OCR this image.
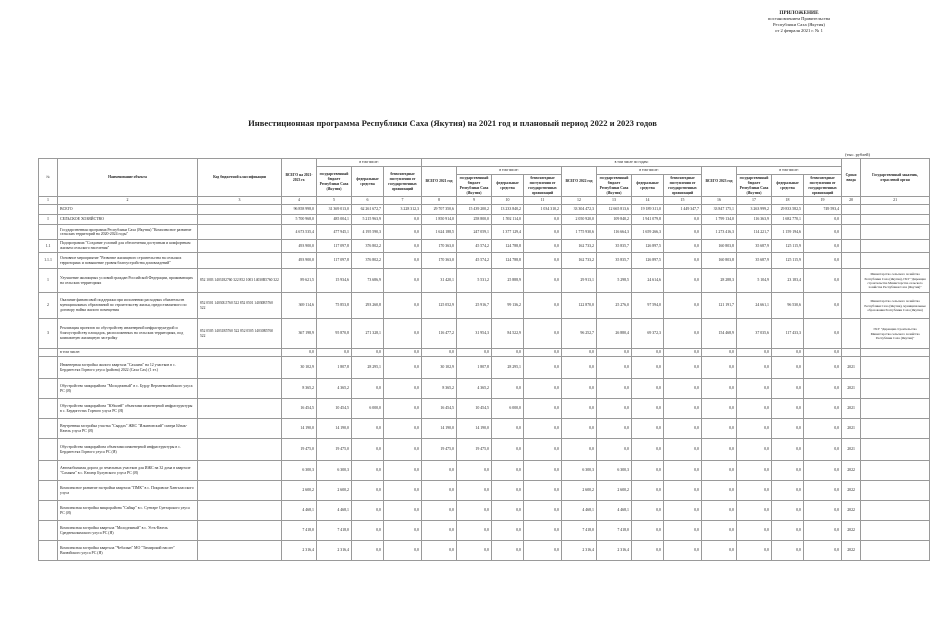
ПРИЛОЖЕНИЕ
постановлением Правительства
Республики Саха (Якутия)
от 2 февраля 2021 г. № 1
Инвестиционная программа Республики Саха (Якутия) на 2021 год и плановый период 2022 и 2023 годов
(тыс. рублей)
№	Наименование объекта	Код бюджетной классификации	ВСЕГО на 2021-2023 гг.	в том числе:			в том числе по годам:												Сроки ввода	Государственный заказчик, отраслевой орган
				государственный бюджет Республики Саха (Якутия)	федеральные средства	безвозмездные поступления от государственных организаций	ВСЕГО 2021 год	в том числе:			ВСЕГО 2022 год	в том числе:			ВСЕГО 2023 год	в том числе:				
								государственный бюджет Республики Саха (Якутия)	федеральные средства	безвозмездные поступления от государственных организаций		государственный бюджет Республики Саха (Якутия)	федеральные средства	безвозмездные поступления от государственных организаций		государственный бюджет Республики Саха (Якутия)	федеральные средства	безвозмездные поступления от государственных организаций		
1	2	3	4	5	6	7	8	9	10	11	12	13	14	15	16	17	18	19	20	21
	ВСЕГО		96 858 998,0	31 369 013,0	62 261 672,7	3 228 312,3	29 707 350,6	15 439 200,2	13 233 840,2	1 034 310,2	33 304 472,3	12 665 813,6	19 189 311,0	1 449 347,7	33 847 175,1	3 263 999,2	29 833 582,5	749 593,4		
I	СЕЛЬСКОЕ ХОЗЯЙСТВО		5 700 968,0	485 004,1	5 215 963,9	0,0	1 850 914,0	258 800,0	1 592 114,0	0,0	2 050 920,0	109 840,2	1 941 079,8	0,0	1 799 134,0	116 363,9	1 682 770,1	0,0		
	Государственная программа Республики Саха (Якутия) "Комплексное развитие сельских территорий на 2020-2024 годы"		4 673 535,4	477 945,1	4 195 590,3	0,0	1 624 188,5	247 059,1	1 377 129,4	0,0	1 775 930,6	116 664,3	1 659 266,3	0,0	1 273 416,3	114 221,7	1 159 194,6	0,0		
1.1	Подпрограмма "Создание условий для обеспечения доступным и комфортным жильем сельского населения"		493 900,0	117 097,8	376 802,2	0,0	170 363,0	45 574,2	124 788,8	0,0	162 733,2	35 835,7	126 897,5	0,0	160 803,8	35 687,9	125 115,9	0,0		
1.1.1	Основное мероприятие "Развитие жилищного строительства на сельских территориях и повышение уровня благоустройства домовладений"		493 900,0	117 097,8	376 802,2	0,0	170 363,0	45 574,2	124 788,8	0,0	162 733,2	35 835,7	126 897,5	0,0	160 803,8	35 687,9	125 115,9	0,0		
1	Улучшение жилищных условий граждан Российской Федерации, проживающих на сельских территориях	852 1003 1403182760 322 852 1003 14030R5760 322	89 621,5	15 934,6	73 686,9	0,0	31 420,1	5 531,2	25 888,9	0,0	29 913,1	5 298,5	24 614,6	0,0	28 288,3	5 104,9	23 183,4	0,0		Министерство сельского хозяйства Республики Саха (Якутия), ГКУ "Дирекция строительства Министерства сельского хозяйства Республики Саха (Якутия)"
2	Оказание финансовой поддержки при исполнении расходных обязательств муниципальных образований по строительству жилья, предоставляемого по договору найма жилого помещения	852 0501 14030L5760 522 852 0501 14030R5760 522	369 114,6	75 853,8	293 260,8	0,0	125 052,9	25 916,7	99 136,2	0,0	122 870,0	25 276,0	97 594,0	0,0	121 191,7	24 661,1	96 530,6	0,0		Министерство сельского хозяйства Республики Саха (Якутия), муниципальные образования Республики Саха (Якутия)
3	Реализация проектов по обустройству инженерной инфраструктурой и благоустройству площадок, расположенных на сельских территориях, под компактную жилищную застройку	852 0505 14031R5760 522 852 0505 14030R5760 522	367 198,9	95 870,8	271 328,1	0,0	116 477,2	31 954,3	84 522,9	0,0	96 252,7	26 880,4	69 372,3	0,0	154 468,9	37 035,6	117 433,3	0,0		ГКУ "Дирекция строительства Министерства сельского хозяйства Республики Саха (Якутия)"
	в том числе:		0,0	0,0	0,0	0,0	0,0	0,0	0,0	0,0	0,0	0,0	0,0	0,0	0,0	0,0	0,0	0,0		
	Инженерная застройка жилого квартала "Сахаяна" на 12 участков в с. Бердигестях Горного улуса (района) 2022 (Саха Сах) (1 эт.)		30 102,9	1 807,8	28 295,1	0,0	30 102,9	1 807,8	28 295,1	0,0	0,0	0,0	0,0	0,0	0,0	0,0	0,0	0,0	2021	
	Обустройство микрорайона "Молодежный" в с. Бурду Верхневилюйского улуса РС (Я)		8 365,2	4 365,2	0,0	0,0	8 365,2	4 365,2	0,0	0,0	0,0	0,0	0,0	0,0	0,0	0,0	0,0	0,0	2021	
	Обустройство микрорайона "Юбилей" объектами инженерной инфраструктуры в с. Бердигестях Горного улуса РС (Я)		16 454,5	10 454,5	6 000,0	0,0	16 454,5	10 454,5	6 000,0	0,0	0,0	0,0	0,0	0,0	0,0	0,0	0,0	0,0	2021	
	Внутренняя застройка участка "Сырдах" ЖКС "Ильиновский" сквера Ытык-Кюель улуса РС (Я)		14 190,0	14 190,0	0,0	0,0	14 190,0	14 190,0	0,0	0,0	0,0	0,0	0,0	0,0	0,0	0,0	0,0	0,0	2021	
	Обустройство микрорайона объектами инженерной инфраструктуры в с. Бердигестях Горного улуса РС (Я)		19 475,0	19 475,0	0,0	0,0	19 475,0	19 475,0	0,0	0,0	0,0	0,0	0,0	0,0	0,0	0,0	0,0	0,0	2021	
	Автомобильная дорога до земельных участков для ИЖС на 32 дома в квартале "Сахаяна" в с. Кюсюр Булунского улуса РС (Я)		6 300,3	6 300,3	0,0	0,0	0,0	0,0	0,0	0,0	6 300,3	6 300,3	0,0	0,0	0,0	0,0	0,0	0,0	2022	
	Комплексное развитие застройки квартала "ПМК" в с. Покровске Хангаласского улуса		2 600,2	2 600,2	0,0	0,0	0,0	0,0	0,0	0,0	2 600,2	2 600,2	0,0	0,0	0,0	0,0	0,0	0,0	2022	
	Комплексная застройка микрорайона "Сайыр" в с. Сунтаре Сунтарского улуса РС (Я)		4 468,1	4 468,1	0,0	0,0	0,0	0,0	0,0	0,0	4 468,1	4 468,1	0,0	0,0	0,0	0,0	0,0	0,0	2022	
	Комплексная застройка квартала "Молодежный" в с. Усть-Кюель Среднеколымского улуса РС (Я)		7 418,0	7 418,0	0,0	0,0	0,0	0,0	0,0	0,0	7 418,0	7 418,0	0,0	0,0	0,0	0,0	0,0	0,0	2022	
	Комплексная застройка квартала "Чебалын" МО "Тимирский наслег" Вилюйского улуса РС (Я)		2 316,4	2 316,4	0,0	0,0	0,0	0,0	0,0	0,0	2 316,4	2 316,4	0,0	0,0	0,0	0,0	0,0	0,0	2022	
